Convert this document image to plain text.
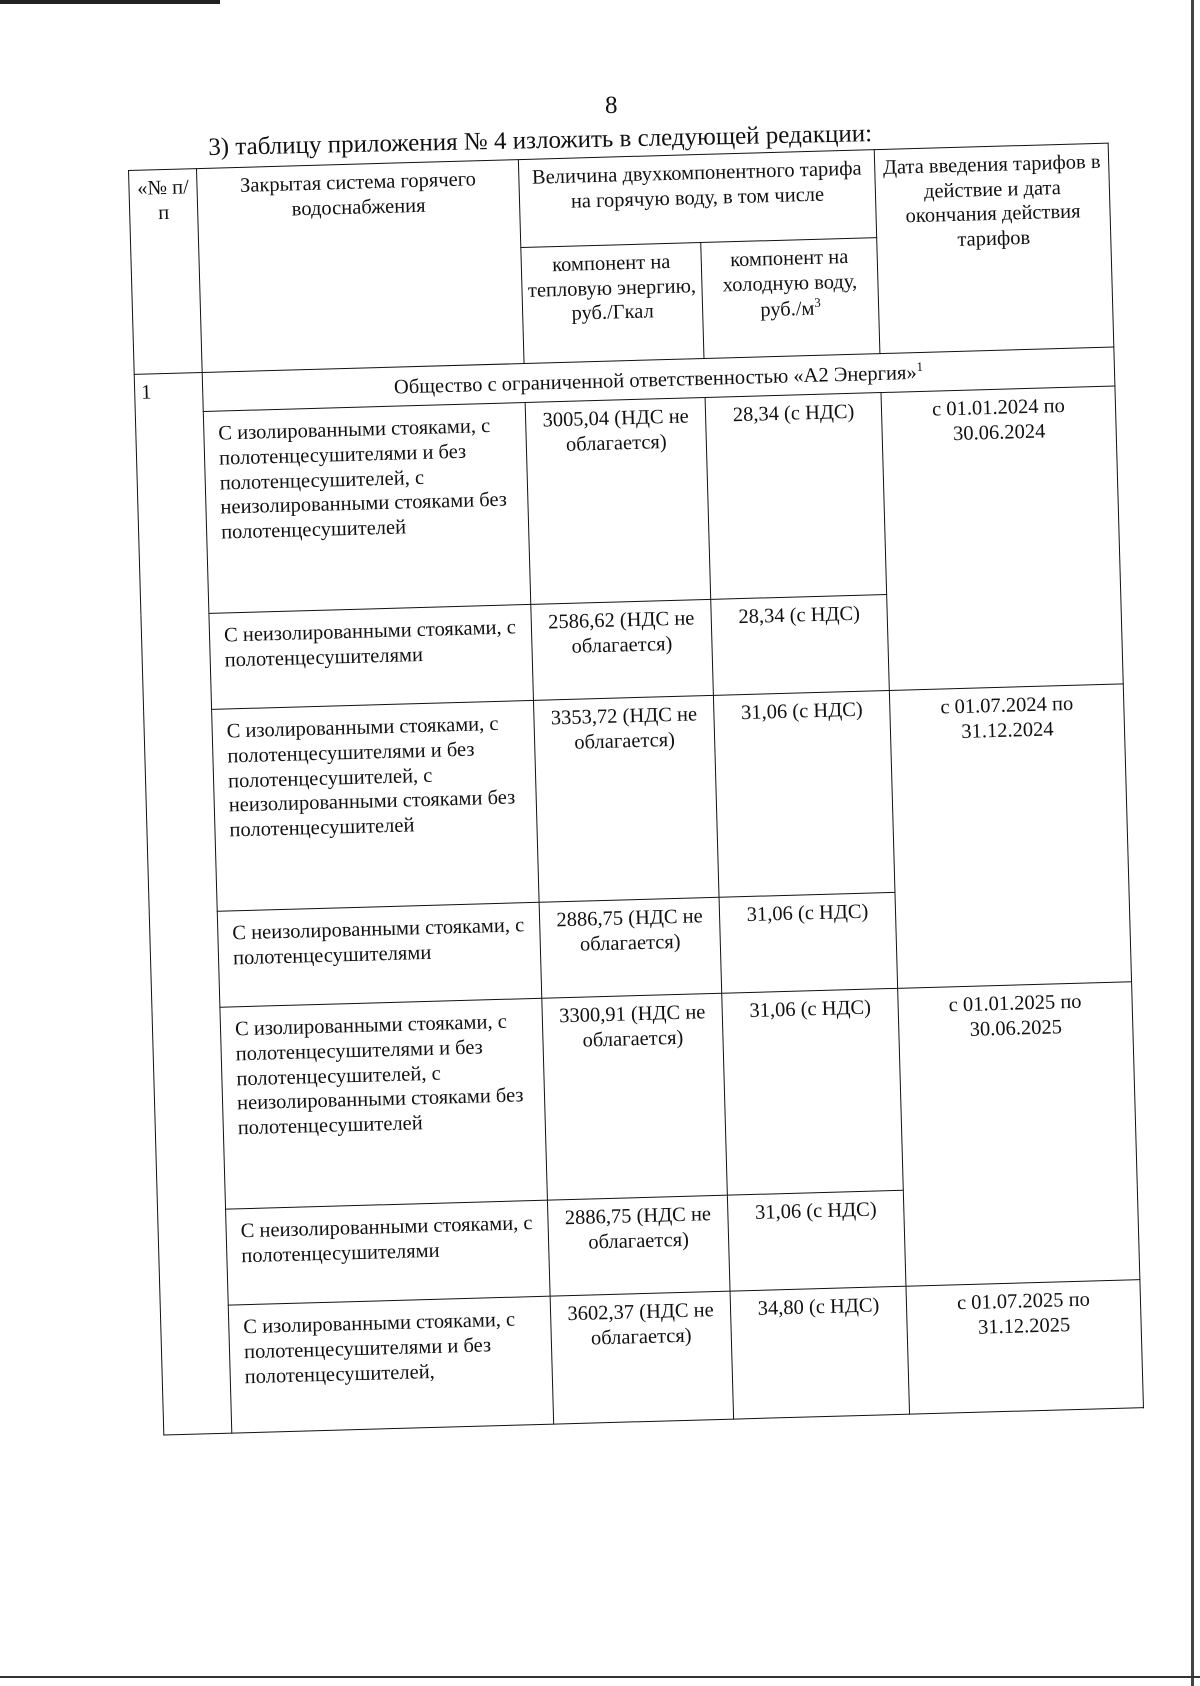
8
3) таблицу приложения № 4 изложить в следующей редакции:
«№ п/п	Закрытая система горячего водоснабжения	Величина двухкомпонентного тарифа на горячую воду, в том числе		Дата введения тарифов в действие и дата окончания действия тарифов
		компонент на тепловую энергию, руб./Гкал	компонент на холодную воду, $руб./м^3$
1	Общество с ограниченной ответственностью «А2 Энергия»$^1$
	С изолированными стояками, с полотенцесушителями и без полотенцесушителей, с неизолированными стояками без полотенцесушителей	3005,04 (НДС не облагается)	28,34 (с НДС)	с 01.01.2024 по 30.06.2024
	С неизолированными стояками, с полотенцесушителями	2586,62 (НДС не облагается)	28,34 (с НДС)	
	С изолированными стояками, с полотенцесушителями и без полотенцесушителей, с неизолированными стояками без полотенцесушителей	3353,72 (НДС не облагается)	31,06 (с НДС)	с 01.07.2024 по 31.12.2024
	С неизолированными стояками, с полотенцесушителями	2886,75 (НДС не облагается)	31,06 (с НДС)	
	С изолированными стояками, с полотенцесушителями и без полотенцесушителей, с неизолированными стояками без полотенцесушителей	3300,91 (НДС не облагается)	31,06 (с НДС)	с 01.01.2025 по 30.06.2025
	С неизолированными стояками, с полотенцесушителями	2886,75 (НДС не облагается)	31,06 (с НДС)	
	С изолированными стояками, с полотенцесушителями и без полотенцесушителей,	3602,37 (НДС не облагается)	34,80 (с НДС)	с 01.07.2025 по 31.12.2025
